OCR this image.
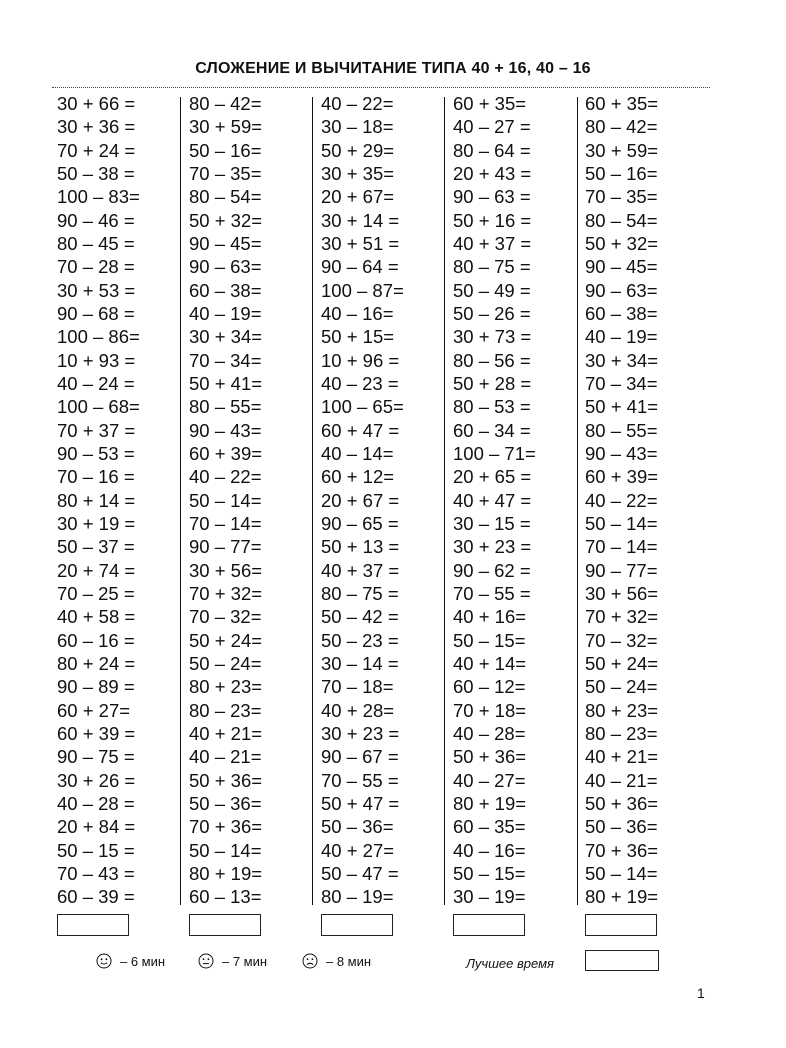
СЛОЖЕНИЕ И ВЫЧИТАНИЕ ТИПА 40 + 16, 40 – 16
30 + 66 =
30 + 36 =
70 + 24 =
50 – 38 =
100 – 83=
90 – 46 =
80 – 45 =
70 – 28 =
30 + 53 =
90 – 68 =
100 – 86=
10 + 93 =
40 – 24 =
100 – 68=
70 + 37 =
90 – 53 =
70 – 16 =
80 + 14 =
30 + 19 =
50 – 37 =
20 + 74 =
70 – 25 =
40 + 58 =
60 – 16 =
80 + 24 =
90 – 89 =
60 + 27=
60 + 39 =
90 – 75 =
30 + 26 =
40 – 28 =
20 + 84 =
50 – 15 =
70 – 43 =
60 – 39 =
80 – 42=
30 + 59=
50 – 16=
70 – 35=
80 – 54=
50 + 32=
90 – 45=
90 – 63=
60 – 38=
40 – 19=
30 + 34=
70 – 34=
50 + 41=
80 – 55=
90 – 43=
60 + 39=
40 – 22=
50 – 14=
70 – 14=
90 – 77=
30 + 56=
70 + 32=
70 – 32=
50 + 24=
50 – 24=
80 + 23=
80 – 23=
40 + 21=
40 – 21=
50 + 36=
50 – 36=
70 + 36=
50 – 14=
80 + 19=
60 – 13=
40 – 22=
30 – 18=
50 + 29=
30 + 35=
20 + 67=
30 + 14 =
30 + 51 =
90 – 64 =
100 – 87=
40 – 16=
50 + 15=
10 + 96 =
40 – 23 =
100 – 65=
60 + 47 =
40 – 14=
60 + 12=
20 + 67 =
90 – 65 =
50 + 13 =
40 + 37 =
80 – 75 =
50 – 42 =
50 – 23 =
30 – 14 =
70 – 18=
40 + 28=
30 + 23 =
90 – 67 =
70 – 55 =
50 + 47 =
50 – 36=
40 + 27=
50 – 47 =
80 – 19=
60 + 35=
40 – 27 =
80 – 64 =
20 + 43 =
90 – 63 =
50 + 16 =
40 + 37 =
80 – 75 =
50 – 49 =
50 – 26 =
30 + 73 =
80 – 56 =
50 + 28 =
80 – 53 =
60 – 34 =
100 – 71=
20 + 65 =
40 + 47 =
30 – 15 =
30 + 23 =
90 – 62 =
70 – 55 =
40 + 16=
50 – 15=
40 + 14=
60 – 12=
70 + 18=
40 – 28=
50 + 36=
40 – 27=
80 + 19=
60 – 35=
40 – 16=
50 – 15=
30 – 19=
60 + 35=
80 – 42=
30 + 59=
50 – 16=
70 – 35=
80 – 54=
50 + 32=
90 – 45=
90 – 63=
60 – 38=
40 – 19=
30 + 34=
70 – 34=
50 + 41=
80 – 55=
90 – 43=
60 + 39=
40 – 22=
50 – 14=
70 – 14=
90 – 77=
30 + 56=
70 + 32=
70 – 32=
50 + 24=
50 – 24=
80 + 23=
80 – 23=
40 + 21=
40 – 21=
50 + 36=
50 – 36=
70 + 36=
50 – 14=
80 + 19=
– 6 мин	– 7 мин	– 8 мин	Лучшее время
1
